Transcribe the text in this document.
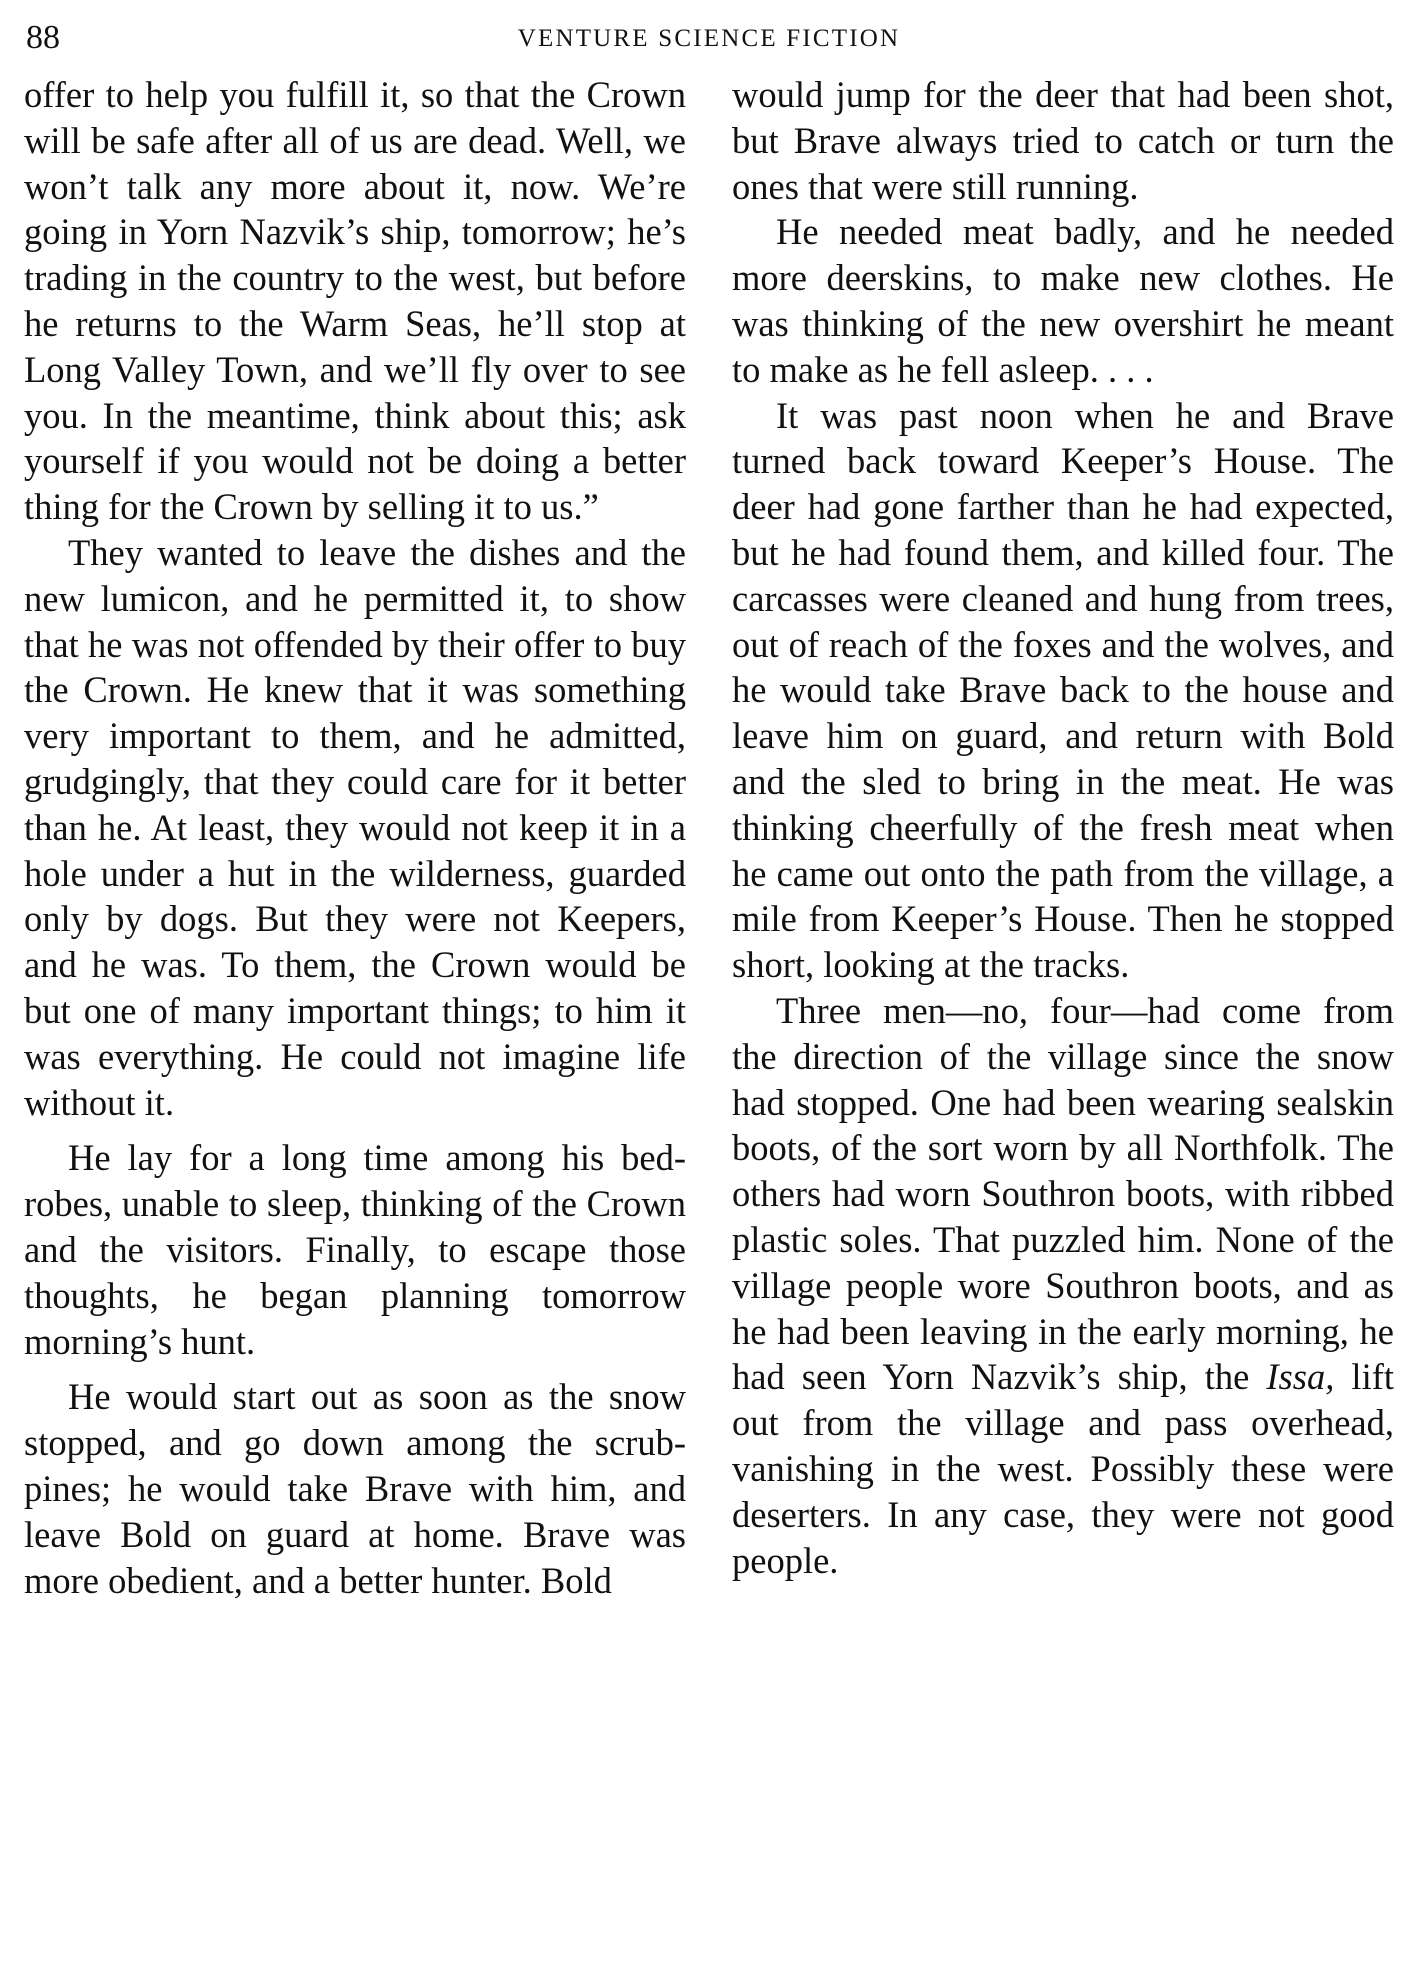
88	VENTURE SCIENCE FICTION

offer to help you fulfill it, so that the Crown will be safe after all of us are dead. Well, we won’t talk any more about it, now. We’re going in Yorn Nazvik’s ship, tomorrow; he’s trading in the country to the west, but before he returns to the Warm Seas, he’ll stop at Long Valley Town, and we’ll fly over to see you. In the meantime, think about this; ask yourself if you would not be doing a better thing for the Crown by selling it to us.”

They wanted to leave the dishes and the new lumicon, and he permitted it, to show that he was not offended by their offer to buy the Crown. He knew that it was something very important to them, and he admitted, grudgingly, that they could care for it better than he. At least, they would not keep it in a hole under a hut in the wilderness, guarded only by dogs. But they were not Keepers, and he was. To them, the Crown would be but one of many important things; to him it was everything. He could not imagine life without it.

He lay for a long time among his bed-robes, unable to sleep, thinking of the Crown and the visitors. Finally, to escape those thoughts, he began planning tomorrow morning’s hunt.

He would start out as soon as the snow stopped, and go down among the scrub-pines; he would take Brave with him, and leave Bold on guard at home. Brave was more obedient, and a better hunter. Bold

would jump for the deer that had been shot, but Brave always tried to catch or turn the ones that were still running.

He needed meat badly, and he needed more deerskins, to make new clothes. He was thinking of the new overshirt he meant to make as he fell asleep. . . .

It was past noon when he and Brave turned back toward Keeper’s House. The deer had gone farther than he had expected, but he had found them, and killed four. The carcasses were cleaned and hung from trees, out of reach of the foxes and the wolves, and he would take Brave back to the house and leave him on guard, and return with Bold and the sled to bring in the meat. He was thinking cheerfully of the fresh meat when he came out onto the path from the village, a mile from Keeper’s House. Then he stopped short, looking at the tracks.

Three men—no, four—had come from the direction of the village since the snow had stopped. One had been wearing sealskin boots, of the sort worn by all Northfolk. The others had worn Southron boots, with ribbed plastic soles. That puzzled him. None of the village people wore Southron boots, and as he had been leaving in the early morning, he had seen Yorn Nazvik’s ship, the Issa, lift out from the village and pass overhead, vanishing in the west. Possibly these were deserters. In any case, they were not good people.
